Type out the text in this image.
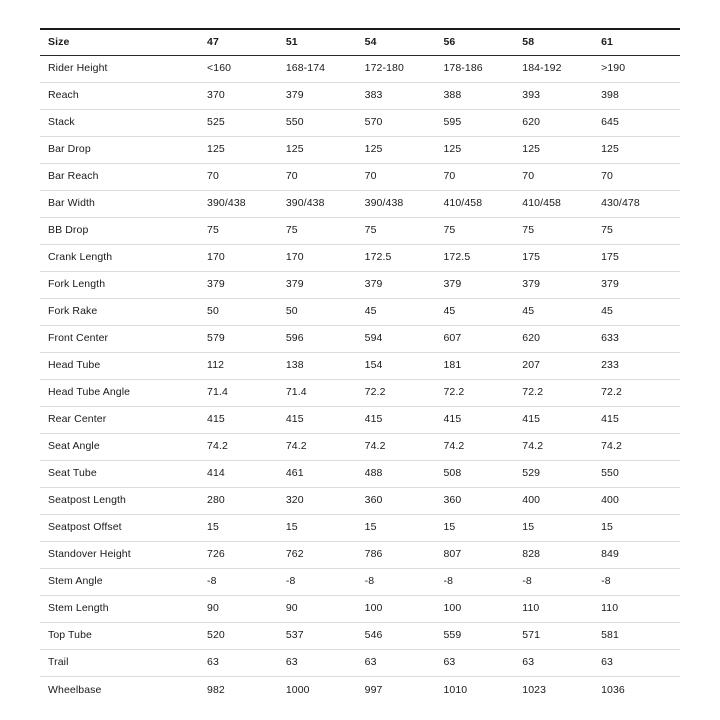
Size	47	51	54	56	58	61
Rider Height	<160	168-174	172-180	178-186	184-192	>190
Reach	370	379	383	388	393	398
Stack	525	550	570	595	620	645
Bar Drop	125	125	125	125	125	125
Bar Reach	70	70	70	70	70	70
Bar Width	390/438	390/438	390/438	410/458	410/458	430/478
BB Drop	75	75	75	75	75	75
Crank Length	170	170	172.5	172.5	175	175
Fork Length	379	379	379	379	379	379
Fork Rake	50	50	45	45	45	45
Front Center	579	596	594	607	620	633
Head Tube	112	138	154	181	207	233
Head Tube Angle	71.4	71.4	72.2	72.2	72.2	72.2
Rear Center	415	415	415	415	415	415
Seat Angle	74.2	74.2	74.2	74.2	74.2	74.2
Seat Tube	414	461	488	508	529	550
Seatpost Length	280	320	360	360	400	400
Seatpost Offset	15	15	15	15	15	15
Standover Height	726	762	786	807	828	849
Stem Angle	-8	-8	-8	-8	-8	-8
Stem Length	90	90	100	100	110	110
Top Tube	520	537	546	559	571	581
Trail	63	63	63	63	63	63
Wheelbase	982	1000	997	1010	1023	1036
